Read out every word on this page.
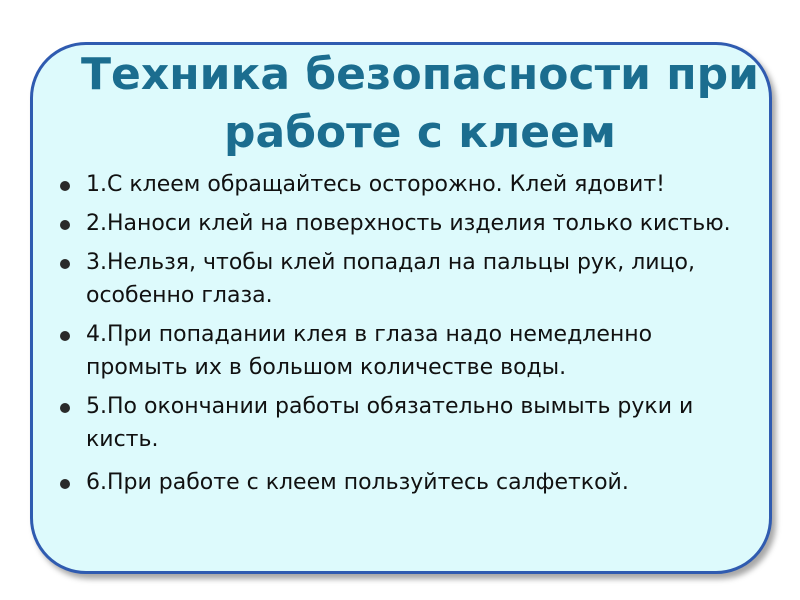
Техника безопасности при
работе с клеем
1.С клеем обращайтесь осторожно. Клей ядовит!
2.Наноси клей на поверхность изделия только кистью.
3.Нельзя, чтобы клей попадал на пальцы рук, лицо, особенно глаза.
4.При попадании клея в глаза надо немедленно промыть их в большом количестве воды.
5.По окончании работы обязательно вымыть руки и кисть.
6.При работе с клеем пользуйтесь салфеткой.
